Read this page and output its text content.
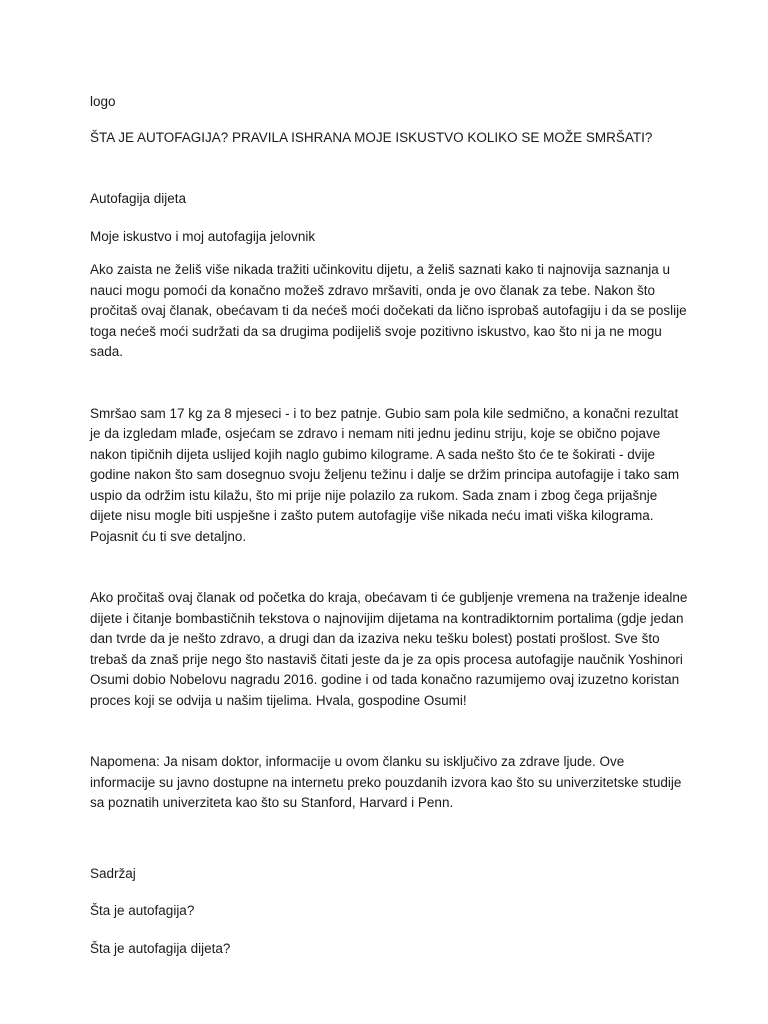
logo

ŠTA JE AUTOFAGIJA? PRAVILA ISHRANA MOJE ISKUSTVO KOLIKO SE MOŽE SMRŠATI?

Autofagija dijeta

Moje iskustvo i moj autofagija jelovnik

Ako zaista ne želiš više nikada tražiti učinkovitu dijetu, a želiš saznati kako ti najnovija saznanja u nauci mogu pomoći da konačno možeš zdravo mršaviti, onda je ovo članak za tebe. Nakon što pročitaš ovaj članak, obećavam ti da nećeš moći dočekati da lično isprobaš autofagiju i da se poslije toga nećeš moći sudržati da sa drugima podijeliš svoje pozitivno iskustvo, kao što ni ja ne mogu sada.

Smršao sam 17 kg za 8 mjeseci - i to bez patnje. Gubio sam pola kile sedmično, a konačni rezultat je da izgledam mlađe, osjećam se zdravo i nemam niti jednu jedinu striju, koje se obično pojave nakon tipičnih dijeta uslijed kojih naglo gubimo kilograme. A sada nešto što će te šokirati - dvije godine nakon što sam dosegnuo svoju željenu težinu i dalje se držim principa autofagije i tako sam uspio da održim istu kilažu, što mi prije nije polazilo za rukom. Sada znam i zbog čega prijašnje dijete nisu mogle biti uspješne i zašto putem autofagije više nikada neću imati viška kilograma. Pojasnit ću ti sve detaljno.

Ako pročitaš ovaj članak od početka do kraja, obećavam ti će gubljenje vremena na traženje idealne dijete i čitanje bombastičnih tekstova o najnovijim dijetama na kontradiktornim portalima (gdje jedan dan tvrde da je nešto zdravo, a drugi dan da izaziva neku tešku bolest) postati prošlost. Sve što trebaš da znaš prije nego što nastaviš čitati jeste da je za opis procesa autofagije naučnik Yoshinori Osumi dobio Nobelovu nagradu 2016. godine i od tada konačno razumijemo ovaj izuzetno koristan proces koji se odvija u našim tijelima. Hvala, gospodine Osumi!

Napomena: Ja nisam doktor, informacije u ovom članku su isključivo za zdrave ljude. Ove informacije su javno dostupne na internetu preko pouzdanih izvora kao što su univerzitetske studije sa poznatih univerziteta kao što su Stanford, Harvard i Penn.

Sadržaj

Šta je autofagija?

Šta je autofagija dijeta?
